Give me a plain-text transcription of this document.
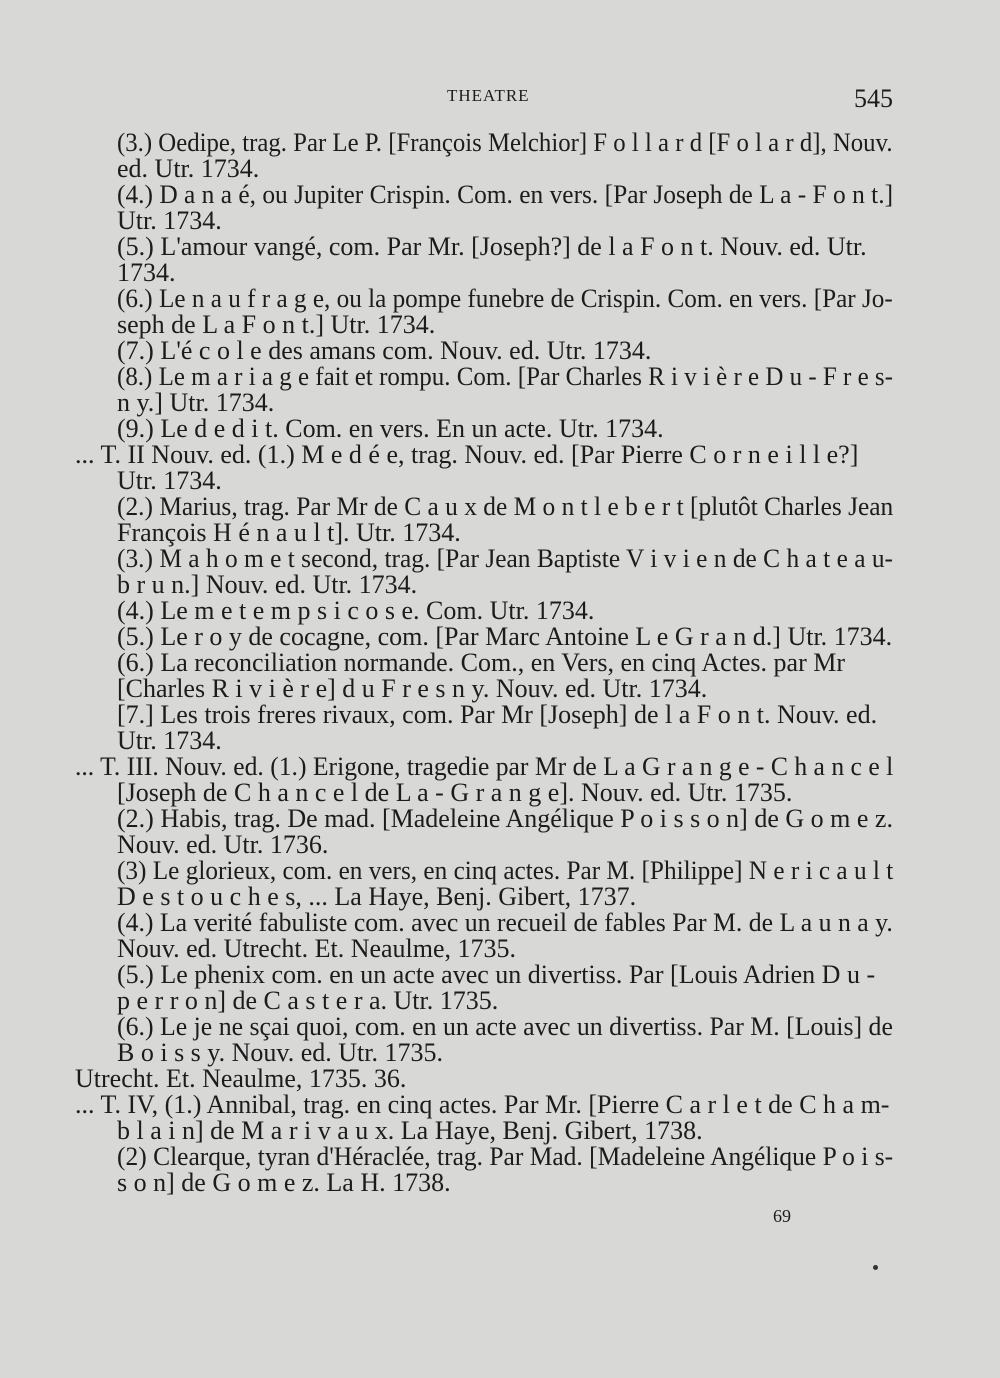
THEATRE	545
(3.) Oedipe, trag. Par Le P. [François Melchior] F o l l a r d [F o l a r d], Nouv.
ed. Utr. 1734.
(4.) D a n a é, ou Jupiter Crispin. Com. en vers. [Par Joseph de L a - F o n t.]
Utr. 1734.
(5.) L'amour vangé, com. Par Mr. [Joseph?] de l a F o n t. Nouv. ed. Utr.
1734.
(6.) Le n a u f r a g e, ou la pompe funebre de Crispin. Com. en vers. [Par Jo-
seph de L a F o n t.] Utr. 1734.
(7.) L'é c o l e des amans com. Nouv. ed. Utr. 1734.
(8.) Le m a r i a g e fait et rompu. Com. [Par Charles R i v i è r e D u - F r e s-
n y.] Utr. 1734.
(9.) Le d e d i t. Com. en vers. En un acte. Utr. 1734.
... T. II Nouv. ed. (1.) M e d é e, trag. Nouv. ed. [Par Pierre C o r n e i l l e?]
Utr. 1734.
(2.) Marius, trag. Par Mr de C a u x de M o n t l e b e r t [plutôt Charles Jean
François H é n a u l t]. Utr. 1734.
(3.) M a h o m e t second, trag. [Par Jean Baptiste V i v i e n de C h a t e a u-
b r u n.] Nouv. ed. Utr. 1734.
(4.) Le m e t e m p s i c o s e. Com. Utr. 1734.
(5.) Le r o y de cocagne, com. [Par Marc Antoine L e G r a n d.] Utr. 1734.
(6.) La reconciliation normande. Com., en Vers, en cinq Actes. par Mr
[Charles R i v i è r e] d u F r e s n y. Nouv. ed. Utr. 1734.
[7.] Les trois freres rivaux, com. Par Mr [Joseph] de l a F o n t. Nouv. ed.
Utr. 1734.
... T. III. Nouv. ed. (1.) Erigone, tragedie par Mr de L a G r a n g e - C h a n c e l
[Joseph de C h a n c e l de L a - G r a n g e]. Nouv. ed. Utr. 1735.
(2.) Habis, trag. De mad. [Madeleine Angélique P o i s s o n] de G o m e z.
Nouv. ed. Utr. 1736.
(3) Le glorieux, com. en vers, en cinq actes. Par M. [Philippe] N e r i c a u l t
D e s t o u c h e s, ... La Haye, Benj. Gibert, 1737.
(4.) La verité fabuliste com. avec un recueil de fables Par M. de L a u n a y.
Nouv. ed. Utrecht. Et. Neaulme, 1735.
(5.) Le phenix com. en un acte avec un divertiss. Par [Louis Adrien D u -
p e r r o n] de C a s t e r a. Utr. 1735.
(6.) Le je ne sçai quoi, com. en un acte avec un divertiss. Par M. [Louis] de
B o i s s y. Nouv. ed. Utr. 1735.
Utrecht. Et. Neaulme, 1735. 36.
... T. IV, (1.) Annibal, trag. en cinq actes. Par Mr. [Pierre C a r l e t de C h a m-
b l a i n] de M a r i v a u x. La Haye, Benj. Gibert, 1738.
(2) Clearque, tyran d'Héraclée, trag. Par Mad. [Madeleine Angélique P o i s-
s o n] de G o m e z. La H. 1738.
69
